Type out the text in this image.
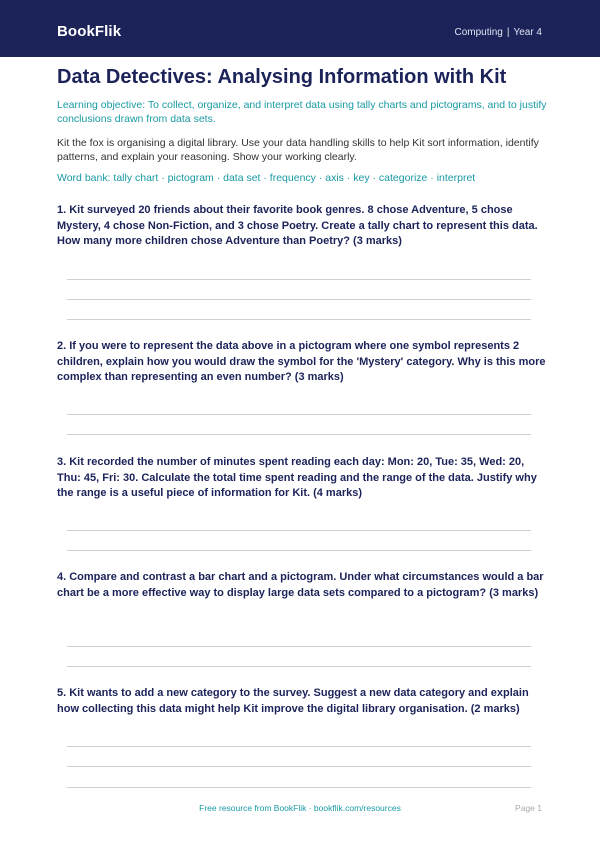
BookFlik	Computing | Year 4
Data Detectives: Analysing Information with Kit
Learning objective: To collect, organize, and interpret data using tally charts and pictograms, and to justify conclusions drawn from data sets.
Kit the fox is organising a digital library. Use your data handling skills to help Kit sort information, identify patterns, and explain your reasoning. Show your working clearly.
Word bank: tally chart · pictogram · data set · frequency · axis · key · categorize · interpret
1. Kit surveyed 20 friends about their favorite book genres. 8 chose Adventure, 5 chose Mystery, 4 chose Non-Fiction, and 3 chose Poetry. Create a tally chart to represent this data. How many more children chose Adventure than Poetry? (3 marks)
2. If you were to represent the data above in a pictogram where one symbol represents 2 children, explain how you would draw the symbol for the 'Mystery' category. Why is this more complex than representing an even number? (3 marks)
3. Kit recorded the number of minutes spent reading each day: Mon: 20, Tue: 35, Wed: 20, Thu: 45, Fri: 30. Calculate the total time spent reading and the range of the data. Justify why the range is a useful piece of information for Kit. (4 marks)
4. Compare and contrast a bar chart and a pictogram. Under what circumstances would a bar chart be a more effective way to display large data sets compared to a pictogram? (3 marks)
5. Kit wants to add a new category to the survey. Suggest a new data category and explain how collecting this data might help Kit improve the digital library organisation. (2 marks)
Free resource from BookFlik · bookflik.com/resources	Page 1
